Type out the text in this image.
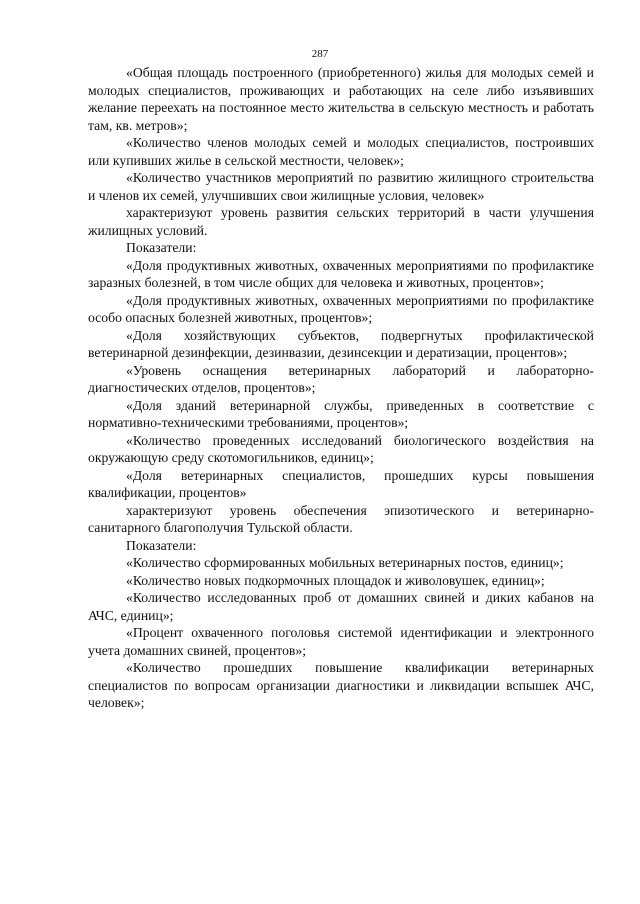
287

«Общая площадь построенного (приобретенного) жилья для молодых семей и молодых специалистов, проживающих и работающих на селе либо изъявивших желание переехать на постоянное место жительства в сельскую местность и работать там, кв. метров»;

«Количество членов молодых семей и молодых специалистов, построивших или купивших жилье в сельской местности, человек»;

«Количество участников мероприятий по развитию жилищного строительства и членов их семей, улучшивших свои жилищные условия, человек»

характеризуют уровень развития сельских территорий в части улучшения жилищных условий.

Показатели:

«Доля продуктивных животных, охваченных мероприятиями по профилактике заразных болезней, в том числе общих для человека и животных, процентов»;

«Доля продуктивных животных, охваченных мероприятиями по профилактике особо опасных болезней животных, процентов»;

«Доля хозяйствующих субъектов, подвергнутых профилактической ветеринарной дезинфекции, дезинвазии, дезинсекции и дератизации, процентов»;

«Уровень оснащения ветеринарных лабораторий и лабораторно-диагностических отделов, процентов»;

«Доля зданий ветеринарной службы, приведенных в соответствие с нормативно-техническими требованиями, процентов»;

«Количество проведенных исследований биологического воздействия на окружающую среду скотомогильников, единиц»;

«Доля ветеринарных специалистов, прошедших курсы повышения квалификации, процентов»

характеризуют уровень обеспечения эпизотического и ветеринарно-санитарного благополучия Тульской области.

Показатели:

«Количество сформированных мобильных ветеринарных постов, единиц»;

«Количество новых подкормочных площадок и живоловушек, единиц»;

«Количество исследованных проб от домашних свиней и диких кабанов на АЧС, единиц»;

«Процент охваченного поголовья системой идентификации и электронного учета домашних свиней, процентов»;

«Количество прошедших повышение квалификации ветеринарных специалистов по вопросам организации диагностики и ликвидации вспышек АЧС, человек»;
